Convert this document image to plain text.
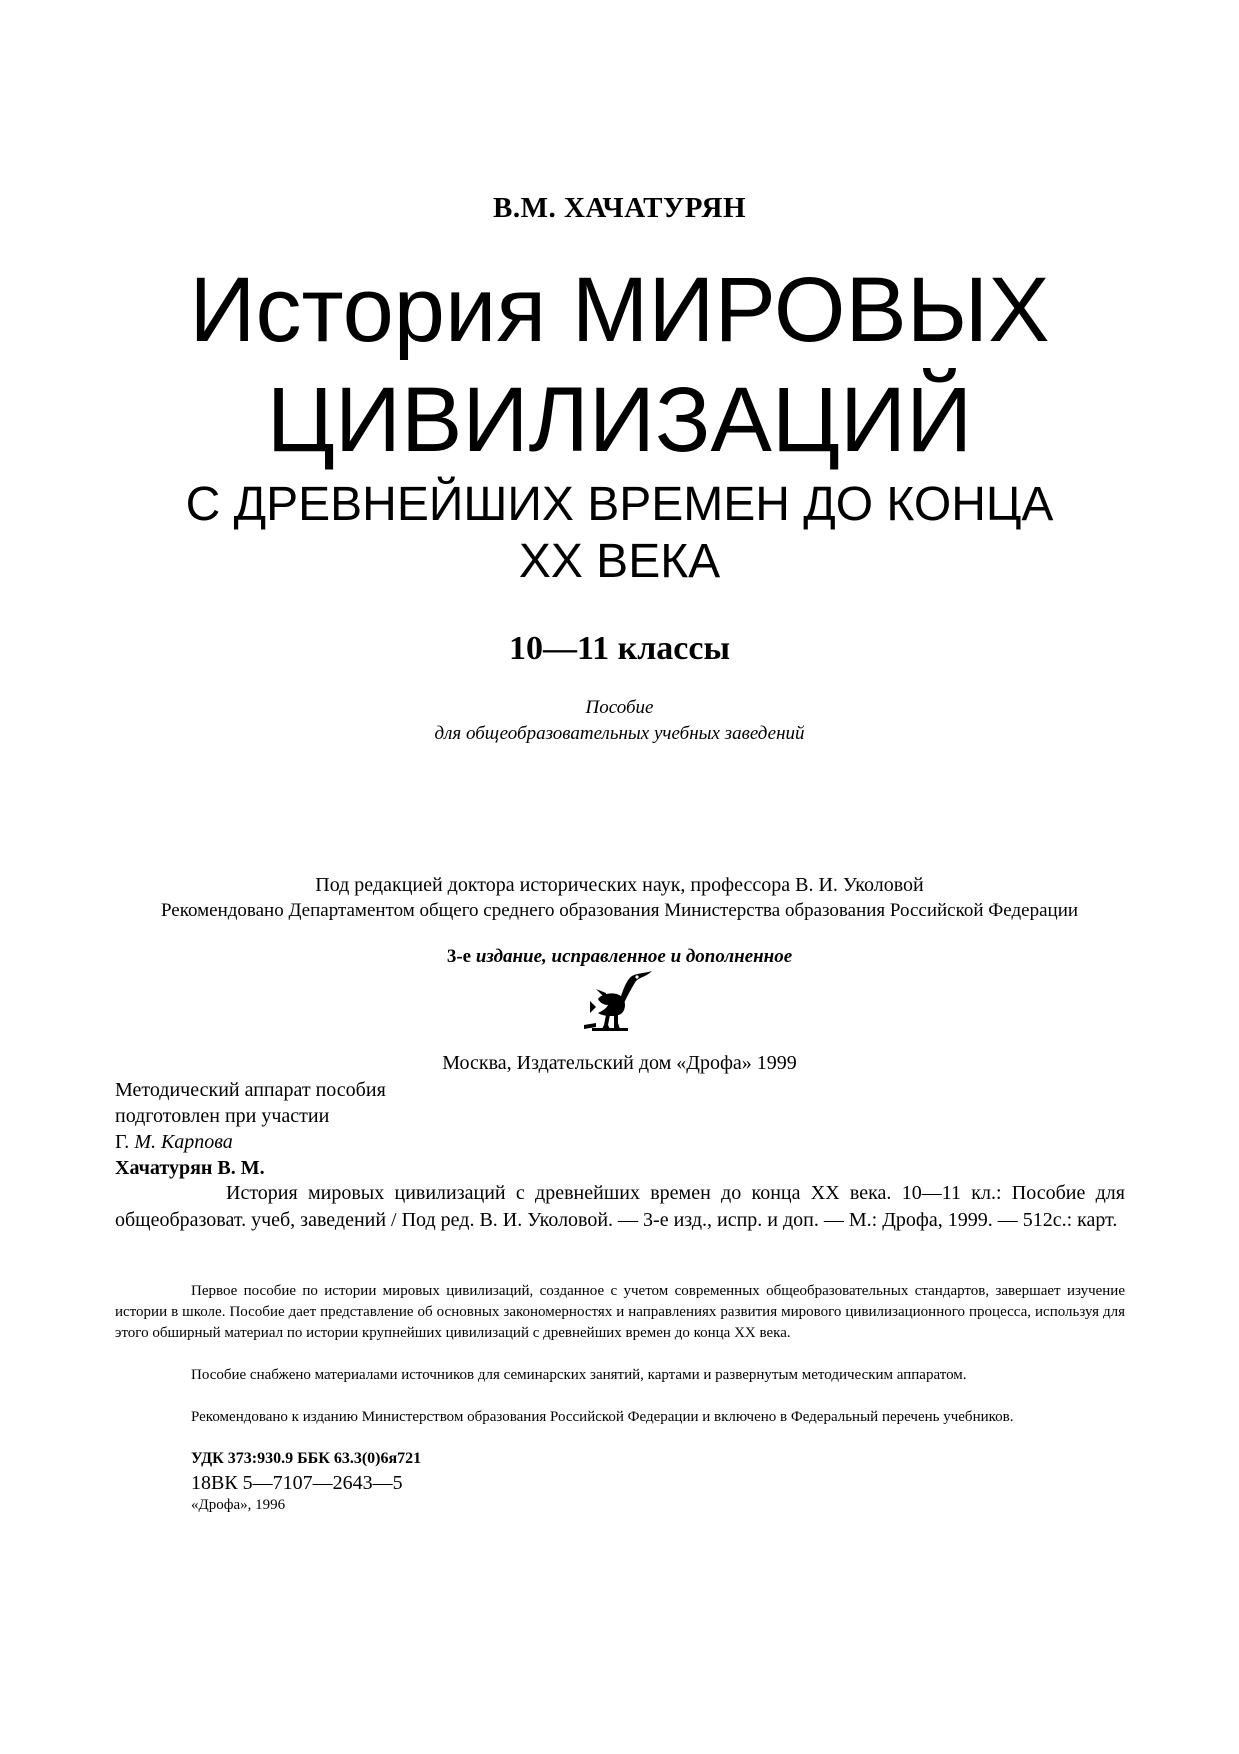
В.М. ХАЧАТУРЯН
История МИРОВЫХ
ЦИВИЛИЗАЦИЙ
С ДРЕВНЕЙШИХ ВРЕМЕН ДО КОНЦА
XX ВЕКА
10—11 классы
Пособие
для общеобразовательных учебных заведений
Под редакцией доктора исторических наук, профессора В. И. Уколовой
Рекомендовано Департаментом общего среднего образования Министерства образования Российской Федерации
3-е издание, исправленное и дополненное
Москва, Издательский дом «Дрофа» 1999
Методический аппарат пособия
подготовлен при участии
Г. М. Карпова
Хачатурян В. М.
История мировых цивилизаций с древнейших времен до конца XX века. 10—11 кл.: Пособие для общеобразоват. учеб, заведений / Под ред. В. И. Уколовой. — 3-е изд., испр. и доп. — М.: Дрофа, 1999. — 512с.: карт.
Первое пособие по истории мировых цивилизаций, созданное с учетом современных общеобразовательных стандартов, завершает изучение истории в школе. Пособие дает представление об основных закономерностях и направлениях развития мирового цивилизационного процесса, используя для этого обширный материал по истории крупнейших цивилизаций с древнейших времен до конца XX века.
Пособие снабжено материалами источников для семинарских занятий, картами и развернутым методическим аппаратом.
Рекомендовано к изданию Министерством образования Российской Федерации и включено в Федеральный перечень учебников.
УДК 373:930.9 ББК 63.3(0)6я721
18ВК 5—7107—2643—5
«Дрофа», 1996
